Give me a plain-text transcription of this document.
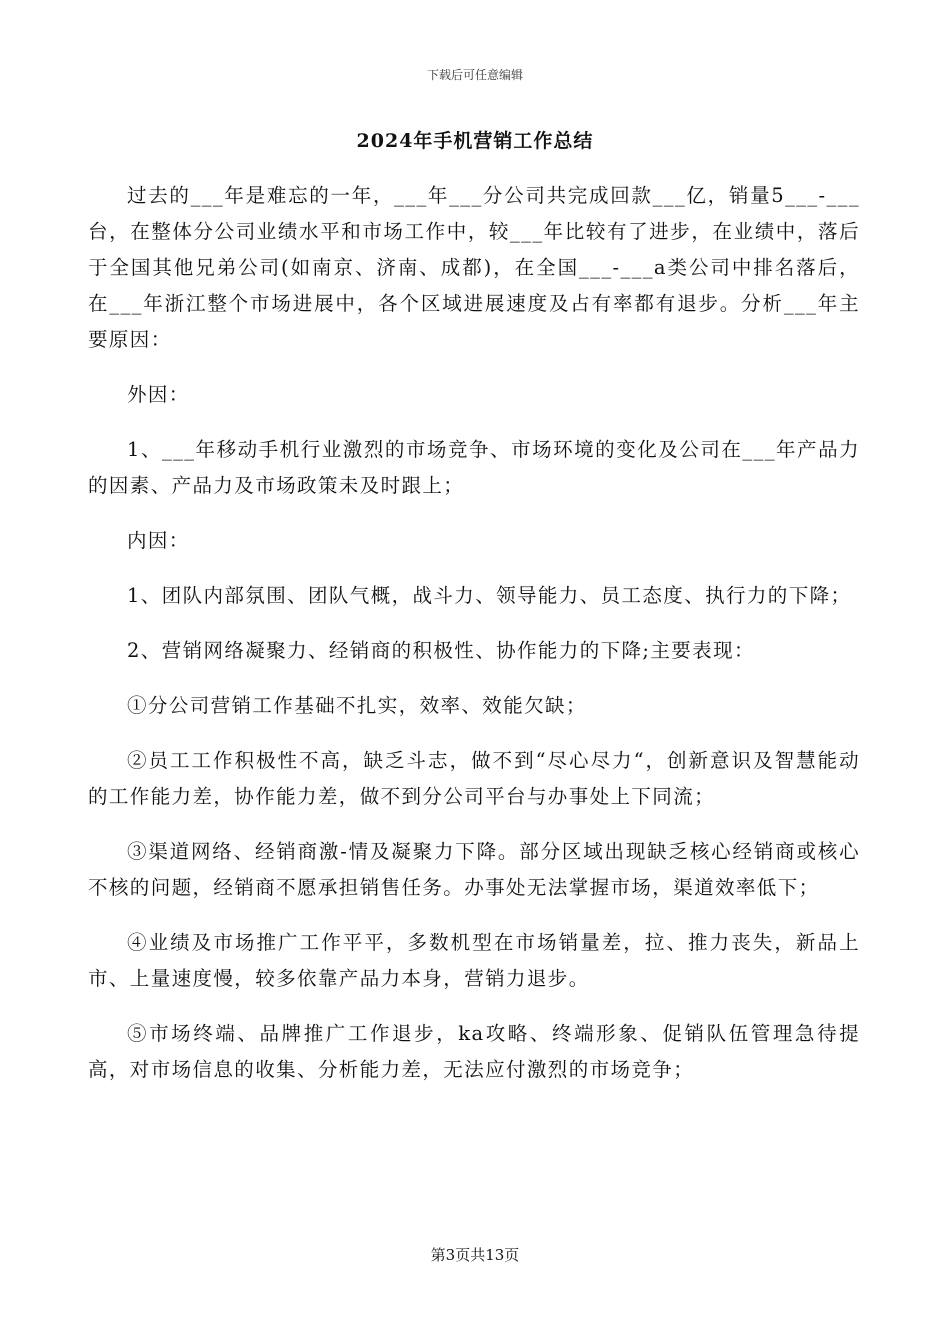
下载后可任意编辑
2024年手机营销工作总结

过去的___年是难忘的一年，___年___分公司共完成回款___亿，销量5___-___台，在整体分公司业绩水平和市场工作中，较___年比较有了进步，在业绩中，落后于全国其他兄弟公司(如南京、济南、成都)，在全国___-___a类公司中排名落后，在___年浙江整个市场进展中，各个区域进展速度及占有率都有退步。分析___年主要原因：

外因：

1、___年移动手机行业激烈的市场竞争、市场环境的变化及公司在___年产品力的因素、产品力及市场政策未及时跟上；

内因：

1、团队内部氛围、团队气概，战斗力、领导能力、员工态度、执行力的下降；

2、营销网络凝聚力、经销商的积极性、协作能力的下降;主要表现：

①分公司营销工作基础不扎实，效率、效能欠缺；

②员工工作积极性不高，缺乏斗志，做不到“尽心尽力“，创新意识及智慧能动的工作能力差，协作能力差，做不到分公司平台与办事处上下同流；

③渠道网络、经销商激-情及凝聚力下降。部分区域出现缺乏核心经销商或核心不核的问题，经销商不愿承担销售任务。办事处无法掌握市场，渠道效率低下；

④业绩及市场推广工作平平，多数机型在市场销量差，拉、推力丧失，新品上市、上量速度慢，较多依靠产品力本身，营销力退步。

⑤市场终端、品牌推广工作退步，ka攻略、终端形象、促销队伍管理急待提高，对市场信息的收集、分析能力差，无法应付激烈的市场竞争；

第3页共13页
